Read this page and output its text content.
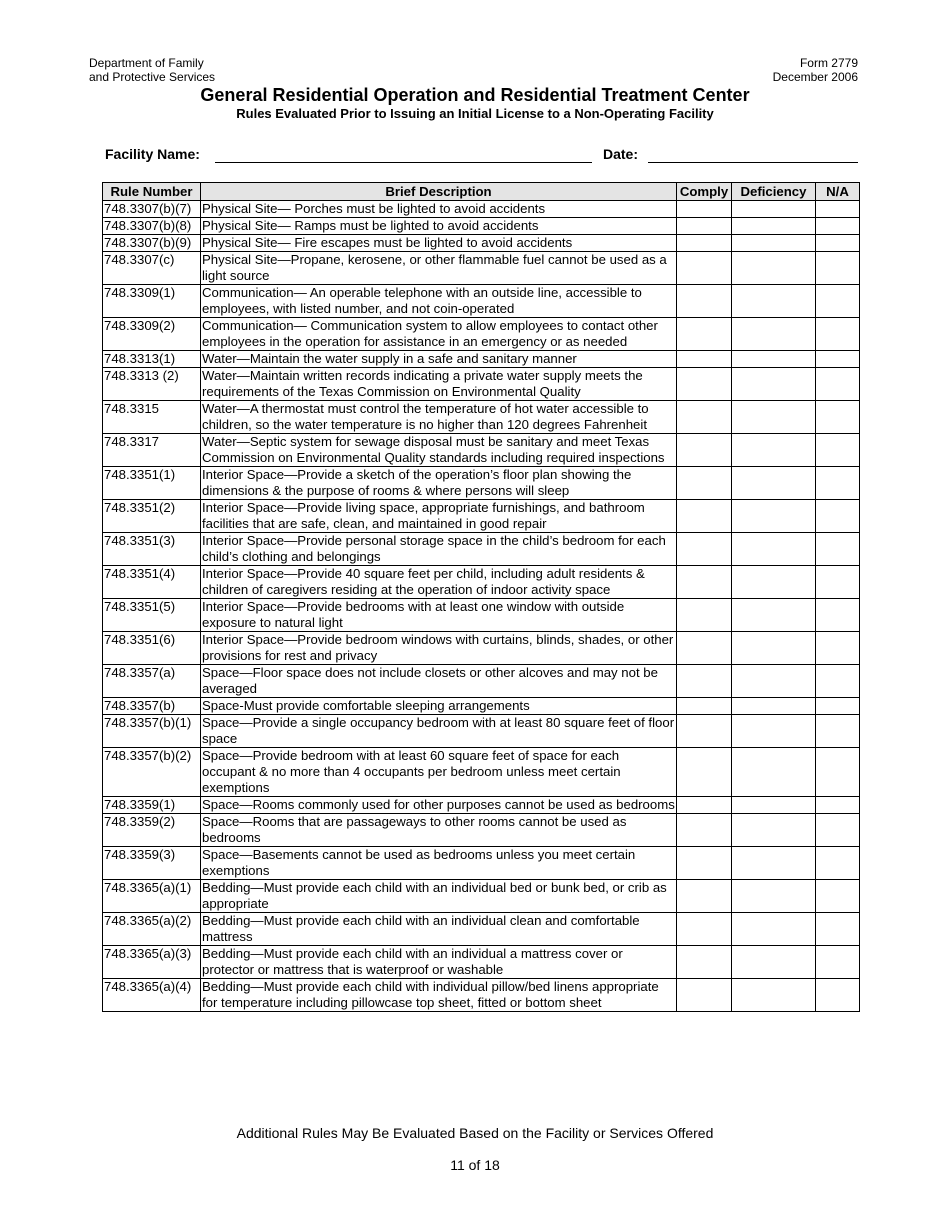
Department of Family
and Protective Services
Form 2779
December 2006
General Residential Operation and Residential Treatment Center
Rules Evaluated Prior to Issuing an Initial License to a Non-Operating Facility
Facility Name:	Date:
Rule Number	Brief Description	Comply	Deficiency	N/A
748.3307(b)(7)	Physical Site— Porches must be lighted to avoid accidents			
748.3307(b)(8)	Physical Site— Ramps must be lighted to avoid accidents			
748.3307(b)(9)	Physical Site— Fire escapes must be lighted to avoid accidents			
748.3307(c)	Physical Site—Propane, kerosene, or other flammable fuel cannot be used as a light source			
748.3309(1)	Communication— An operable telephone with an outside line, accessible to employees, with listed number, and not coin-operated			
748.3309(2)	Communication— Communication system to allow employees to contact other employees in the operation for assistance in an emergency or as needed			
748.3313(1)	Water—Maintain the water supply in a safe and sanitary manner			
748.3313 (2)	Water—Maintain written records indicating a private water supply meets the requirements of the Texas Commission on Environmental Quality			
748.3315	Water—A thermostat must control the temperature of hot water accessible to children, so the water temperature is no higher than 120 degrees Fahrenheit			
748.3317	Water—Septic system for sewage disposal must be sanitary and meet Texas Commission on Environmental Quality standards including required inspections			
748.3351(1)	Interior Space—Provide a sketch of the operation’s floor plan showing the dimensions & the purpose of rooms & where persons will sleep			
748.3351(2)	Interior Space—Provide living space, appropriate furnishings, and bathroom facilities that are safe, clean, and maintained in good repair			
748.3351(3)	Interior Space—Provide personal storage space in the child’s bedroom for each child’s clothing and belongings			
748.3351(4)	Interior Space—Provide 40 square feet per child, including adult residents & children of caregivers residing at the operation of indoor activity space			
748.3351(5)	Interior Space—Provide bedrooms with at least one window with outside exposure to natural light			
748.3351(6)	Interior Space—Provide bedroom windows with curtains, blinds, shades, or other provisions for rest and privacy			
748.3357(a)	Space—Floor space does not include closets or other alcoves and may not be averaged			
748.3357(b)	Space-Must provide comfortable sleeping arrangements			
748.3357(b)(1)	Space—Provide a single occupancy bedroom with at least 80 square feet of floor space			
748.3357(b)(2)	Space—Provide bedroom with at least 60 square feet of space for each occupant & no more than 4 occupants per bedroom unless meet certain exemptions			
748.3359(1)	Space—Rooms commonly used for other purposes cannot be used as bedrooms			
748.3359(2)	Space—Rooms that are passageways to other rooms cannot be used as bedrooms			
748.3359(3)	Space—Basements cannot be used as bedrooms unless you meet certain exemptions			
748.3365(a)(1)	Bedding—Must provide each child with an individual bed or bunk bed, or crib as appropriate			
748.3365(a)(2)	Bedding—Must provide each child with an individual clean and comfortable mattress			
748.3365(a)(3)	Bedding—Must provide each child with an individual a mattress cover or protector or mattress that is waterproof or washable			
748.3365(a)(4)	Bedding—Must provide each child with individual pillow/bed linens appropriate for temperature including pillowcase top sheet, fitted or bottom sheet			
Additional Rules May Be Evaluated Based on the Facility or Services Offered
11 of 18
